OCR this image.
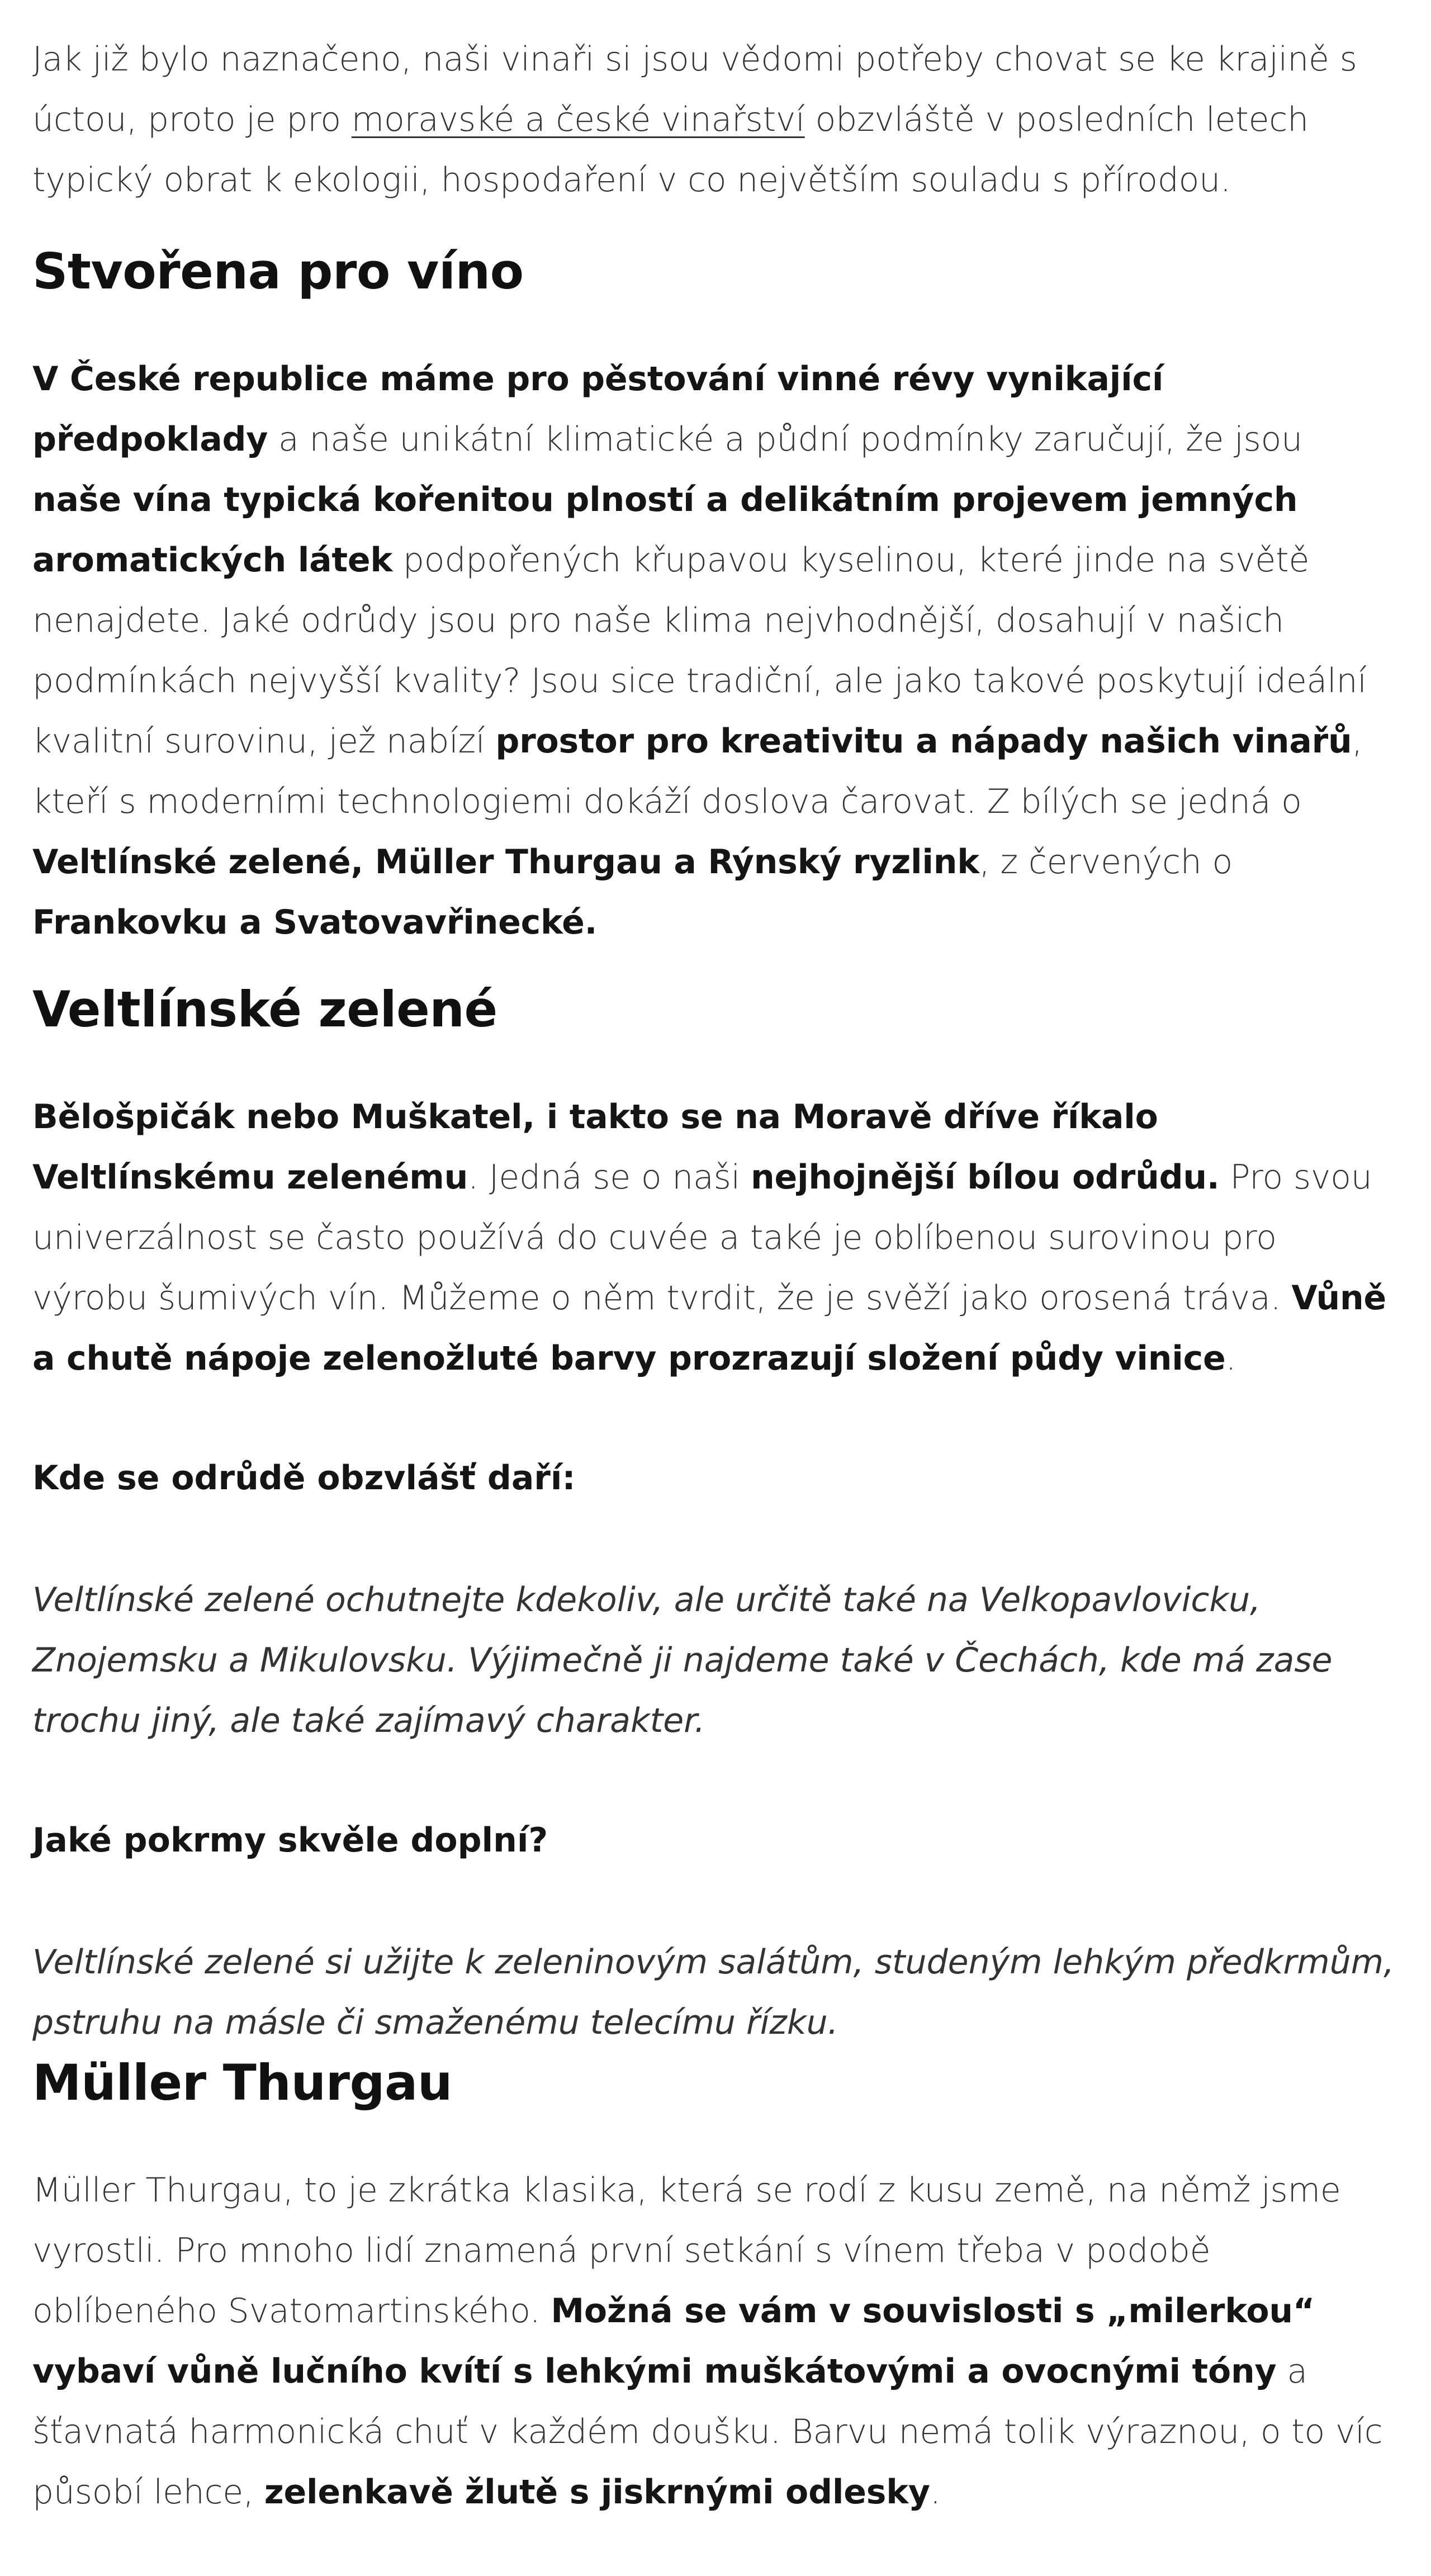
Jak již bylo naznačeno, naši vinaři si jsou vědomi potřeby chovat se ke krajině s úctou, proto je pro moravské a české vinařství obzvláště v posledních letech typický obrat k ekologii, hospodaření v co největším souladu s přírodou.

Stvořena pro víno

V České republice máme pro pěstování vinné révy vynikající předpoklady a naše unikátní klimatické a půdní podmínky zaručují, že jsou naše vína typická kořenitou plností a delikátním projevem jemných aromatických látek podpořených křupavou kyselinou, které jinde na světě nenajdete. Jaké odrůdy jsou pro naše klima nejvhodnější, dosahují v našich podmínkách nejvyšší kvality? Jsou sice tradiční, ale jako takové poskytují ideální kvalitní surovinu, jež nabízí prostor pro kreativitu a nápady našich vinařů, kteří s moderními technologiemi dokáží doslova čarovat. Z bílých se jedná o Veltlínské zelené, Müller Thurgau a Rýnský ryzlink, z červených o Frankovku a Svatovavřinecké.

Veltlínské zelené

Bělošpičák nebo Muškatel, i takto se na Moravě dříve říkalo Veltlínskému zelenému. Jedná se o naši nejhojnější bílou odrůdu. Pro svou univerzálnost se často používá do cuvée a také je oblíbenou surovinou pro výrobu šumivých vín. Můžeme o něm tvrdit, že je svěží jako orosená tráva. Vůně a chutě nápoje zelenožluté barvy prozrazují složení půdy vinice.

Kde se odrůdě obzvlášť daří:

Veltlínské zelené ochutnejte kdekoliv, ale určitě také na Velkopavlovicku, Znojemsku a Mikulovsku. Výjimečně ji najdeme také v Čechách, kde má zase trochu jiný, ale také zajímavý charakter.

Jaké pokrmy skvěle doplní?

Veltlínské zelené si užijte k zeleninovým salátům, studeným lehkým předkrmům, pstruhu na másle či smaženému telecímu řízku.

Müller Thurgau

Müller Thurgau, to je zkrátka klasika, která se rodí z kusu země, na němž jsme vyrostli. Pro mnoho lidí znamená první setkání s vínem třeba v podobě oblíbeného Svatomartinského. Možná se vám v souvislosti s „milerkou“ vybaví vůně lučního kvítí s lehkými muškátovými a ovocnými tóny a šťavnatá harmonická chuť v každém doušku. Barvu nemá tolik výraznou, o to víc působí lehce, zelenkavě žlutě s jiskrnými odlesky.
